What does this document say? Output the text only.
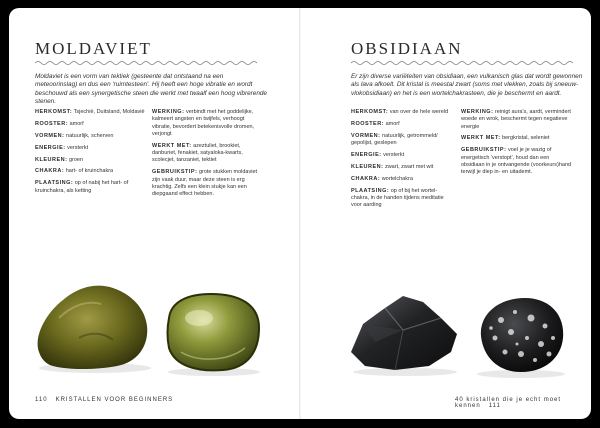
MOLDAVIET
Moldaviet is een vorm van tektiek (gesteente dat ontstaand na een meteoorinslag) en dus een 'ruimtesteen'. Hij heeft een hoge vibratie en wordt beschouwd als een synergetische steen die werkt met twaalf een hoog vibrerende stenen.
HERKOMST: Tsjechië, Duitsland, Moldavië
ROOSTER: amorf
VORMEN: natuurlijk, scherven
ENERGIE: versterkt
KLEUREN: groen
CHAKRA: hart- of kruinchakra
PLAATSING: op of nabij het hart- of kruinchakra, als ketting
WERKING: verbindt met het goddelijke, kalmeert angsten en twijfels, verhoogt vibratie, bevordert betekenisvolle dromen, verjongt
WERKT MET: azeztuliet, brookiet, danburiet, fenakiet, satyaloka-kwarts, scolecjet, tanzaniet, tektiet
GEBRUIKSTIP: grote stukken moldaviet zijn vaak duur, maar deze steen is erg krachtig. Zelfs een klein stukje kan een diepgaand effect hebben.
110 KRISTALLEN VOOR BEGINNERS
OBSIDIAAN
Er zijn diverse variëteiten van obsidiaan, een vulkanisch glas dat wordt gewonnen als lava afkoelt. Dit kristal is meestal zwart (soms met vlekken, zoals bij sneeuw-vlokobsidiaan) en het is een wortelchakrasteen, die je beschermt en aardt.
HERKOMST: van over de hele wereld
ROOSTER: amorf
VORMEN: natuurlijk, getrommeld/ gepolijst, geslepen
ENERGIE: versterkt
KLEUREN: zwart, zwart met wit
CHAKRA: wortelchakra
PLAATSING: op of bij het wortel-chakra, in de handen tijdens meditatie voor aarding
WERKING: reinigt aura's, aardt, vermindert woede en wrok, beschermt tegen negatieve energie
WERKT MET: bergkristal, seleniet
GEBRUIKSTIP: voel je je wazig of energetisch 'verstopt', houd dan een obsidiaan in je ontvangende (voorkeurs)hand terwijl je diep in- en uitademt.
40 kristallen die je echt moet kennen 111
